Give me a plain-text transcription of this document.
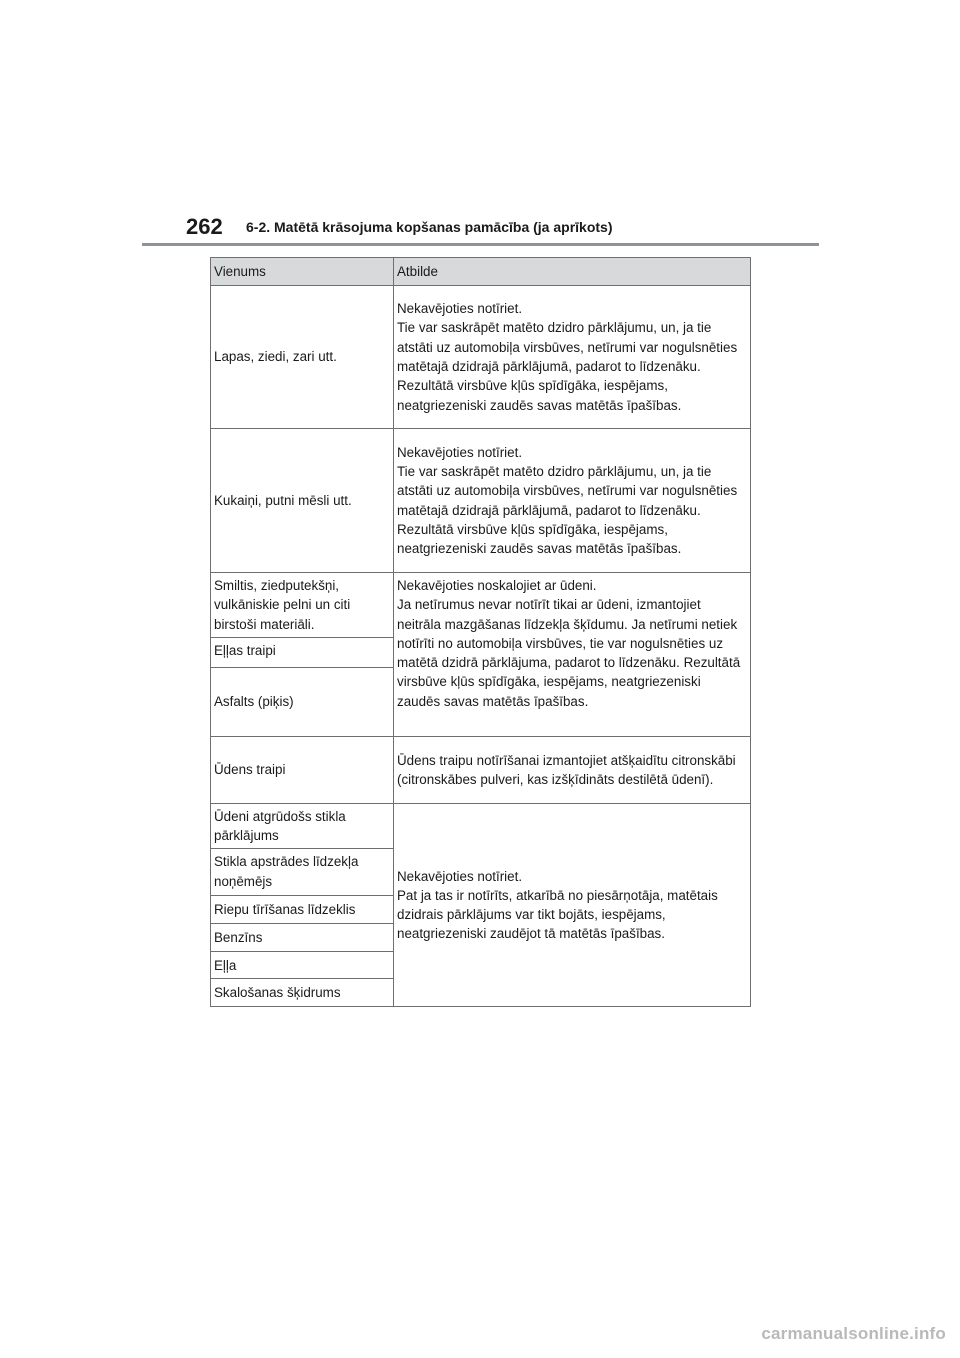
262 6-2. Matētā krāsojuma kopšanas pamācība (ja aprīkots)
Vienums	Atbilde
Lapas, ziedi, zari utt.	Nekavējoties notīriet.
Tie var saskrāpēt matēto dzidro pārklājumu, un, ja tie atstāti uz automobiļa virsbūves, netīrumi var nogulsnēties matētajā dzidrajā pārklājumā, padarot to līdzenāku. Rezultātā virsbūve kļūs spīdīgāka, iespējams, neatgriezeniski zaudēs savas matētās īpašības.
Kukaiņi, putni mēsli utt.	Nekavējoties notīriet.
Tie var saskrāpēt matēto dzidro pārklājumu, un, ja tie atstāti uz automobiļa virsbūves, netīrumi var nogulsnēties matētajā dzidrajā pārklājumā, padarot to līdzenāku. Rezultātā virsbūve kļūs spīdīgāka, iespējams, neatgriezeniski zaudēs savas matētās īpašības.
Smiltis, ziedputekšņi, vulkāniskie pelni un citi birstoši materiāli.	Nekavējoties noskalojiet ar ūdeni.
Ja netīrumus nevar notīrīt tikai ar ūdeni, izmantojiet neitrāla mazgāšanas līdzekļa šķīdumu. Ja netīrumi netiek notīrīti no automobiļa virsbūves, tie var nogulsnēties uz matētā dzidrā pārklājuma, padarot to līdzenāku. Rezultātā virsbūve kļūs spīdīgāka, iespējams, neatgriezeniski zaudēs savas matētās īpašības.
Eļļas traipi	
Asfalts (piķis)	
Ūdens traipi	Ūdens traipu notīrīšanai izmantojiet atšķaidītu citronskābi (citronskābes pulveri, kas izšķīdināts destilētā ūdenī).
Ūdeni atgrūdošs stikla pārklājums	Nekavējoties notīriet.
Pat ja tas ir notīrīts, atkarībā no piesārņotāja, matētais dzidrais pārklājums var tikt bojāts, iespējams, neatgriezeniski zaudējot tā matētās īpašības.
Stikla apstrādes līdzekļa noņēmējs	
Riepu tīrīšanas līdzeklis	
Benzīns	
Eļļa	
Skalošanas šķidrums	
carmanualsonline.info
